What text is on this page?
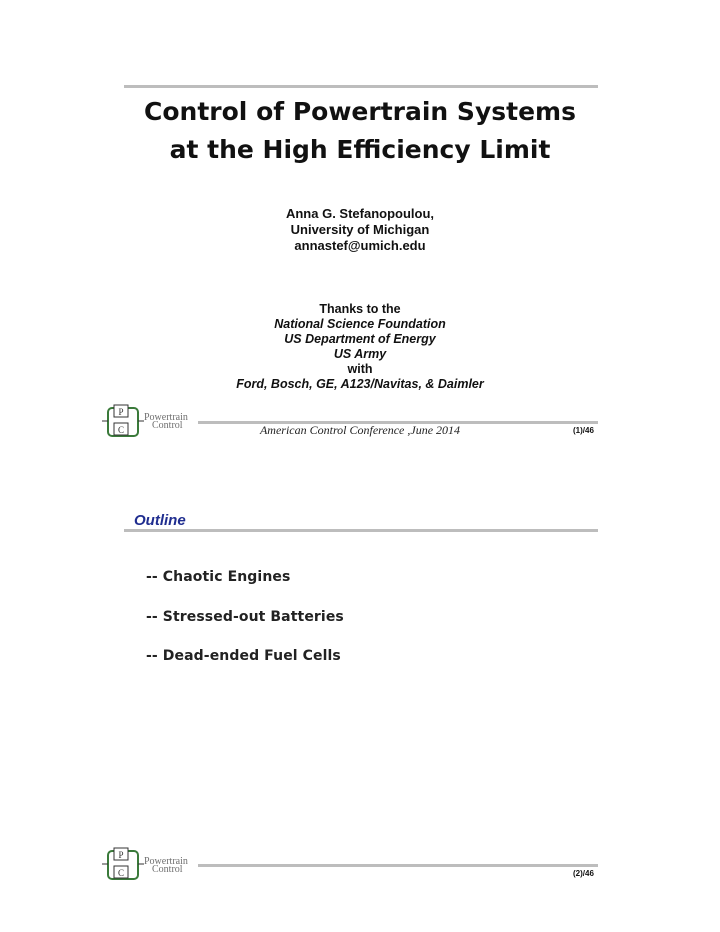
Control of Powertrain Systems
at the High Efficiency Limit
Anna G. Stefanopoulou,
University of Michigan
annastef@umich.edu
Thanks to the
National Science Foundation
US Department of Energy
US Army
with
Ford, Bosch, GE, A123/Navitas, & Daimler
P
C
Powertrain
Control	American Control Conference ,June 2014	(1)/46
Outline
-- Chaotic Engines
-- Stressed-out Batteries
-- Dead-ended Fuel Cells
P
C
Powertrain
Control	(2)/46
